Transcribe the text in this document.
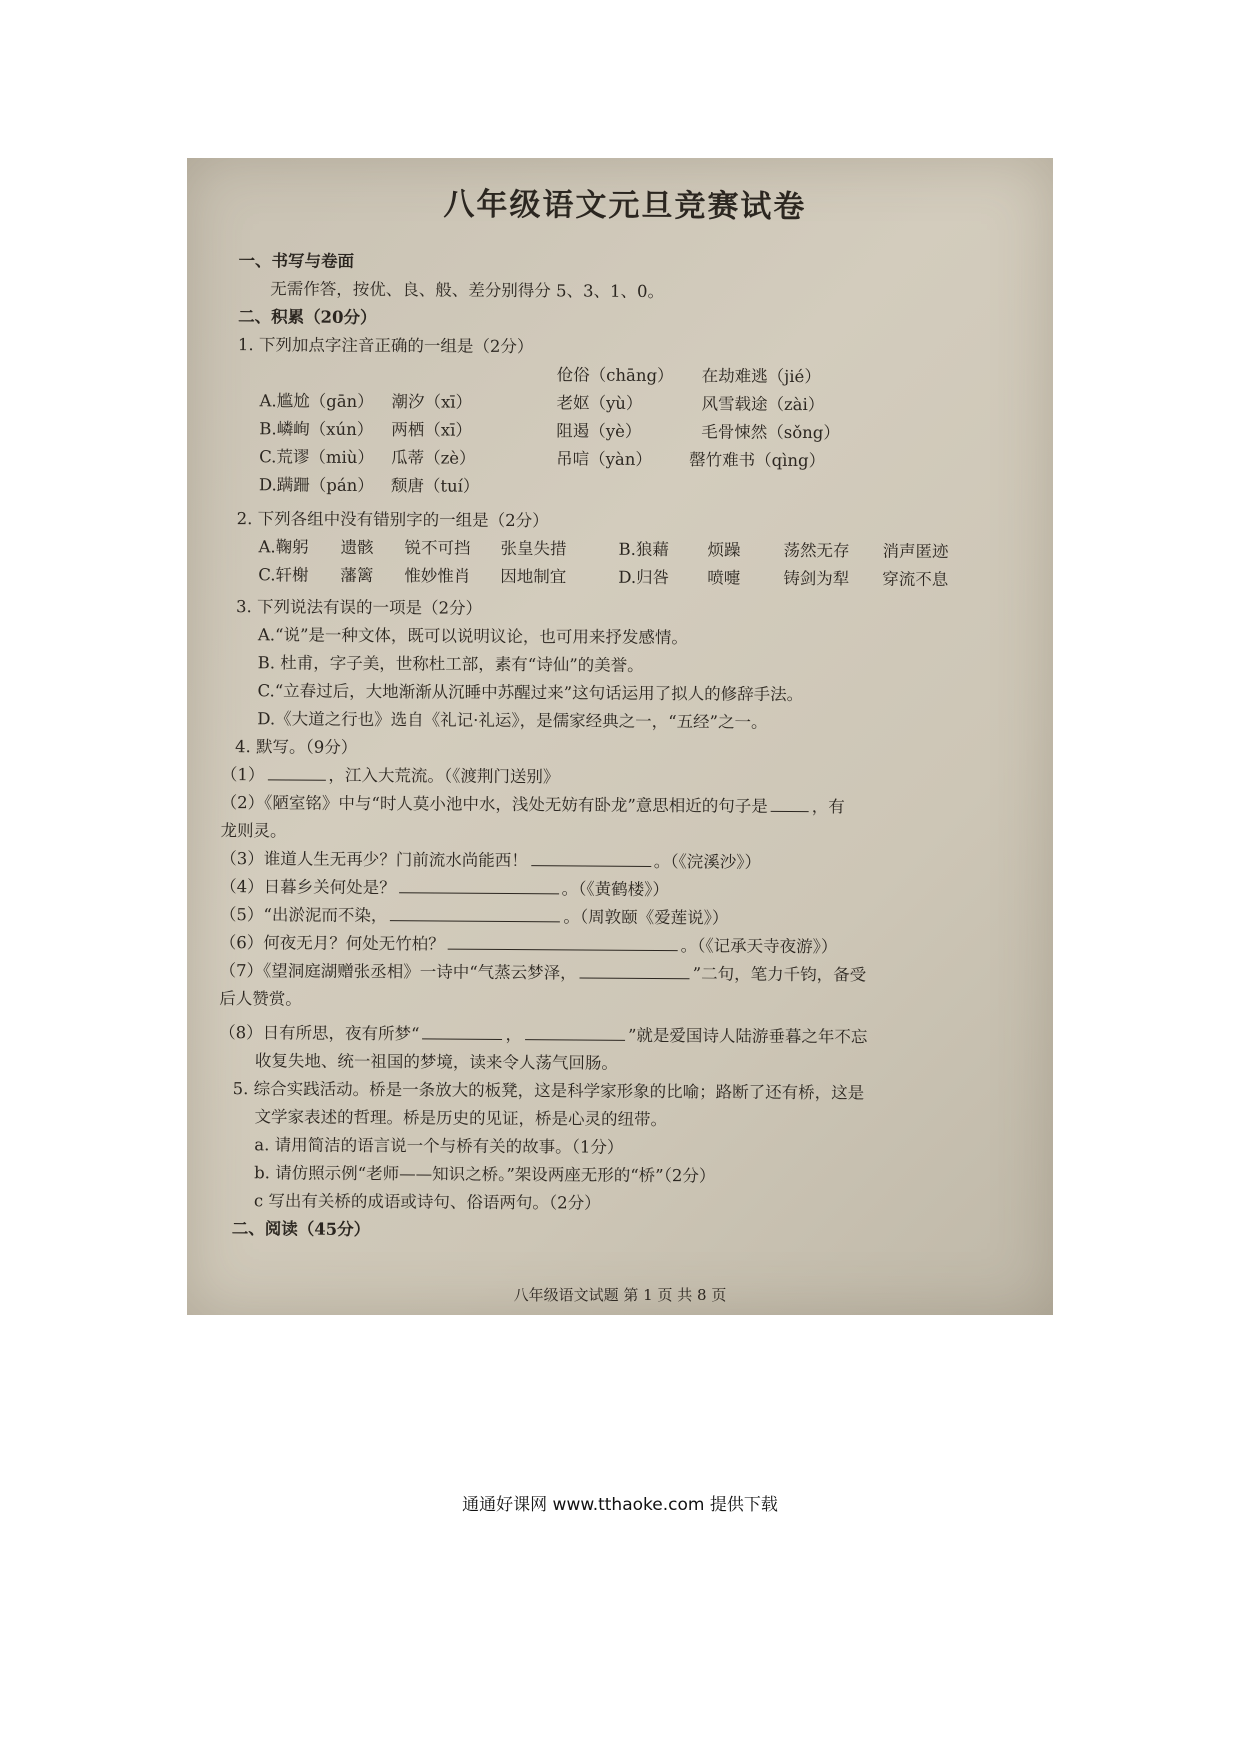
八年级语文元旦竞赛试卷
一、书写与卷面
无需作答，按优、良、般、差分别得分 5、3、1、0。
二、积累（20分）
1. 下列加点字注音正确的一组是（2分）
伧俗（chāng） 在劫难逃（jié）
A.尴尬（gān） 潮汐（xī）	老妪（yù）	风雪载途（zài）
B.嶙峋（xún） 两栖（xī）	阻遏（yè）	毛骨悚然（sǒng）
C.荒谬（miù） 瓜蒂（zè）	吊唁（yàn） 罄竹难书（qìng）
D.蹒跚（pán） 颓唐（tuí）
2. 下列各组中没有错别字的一组是（2分）
A.鞠躬 遗骸 锐不可挡 张皇失措	B.狼藉 烦躁	荡然无存 消声匿迹
C.轩榭 藩篱 惟妙惟肖 因地制宜	D.归咎 喷嚏	铸剑为犁 穿流不息
3. 下列说法有误的一项是（2分）
A.“说”是一种文体，既可以说明议论，也可用来抒发感情。
B. 杜甫，字子美，世称杜工部，素有“诗仙”的美誉。
C.“立春过后，大地渐渐从沉睡中苏醒过来”这句话运用了拟人的修辞手法。
D.《大道之行也》选自《礼记·礼运》，是儒家经典之一，“五经”之一。
4. 默写。（9分）
（1）	，江入大荒流。（《渡荆门送别》
（2）《陋室铭》中与“时人莫小池中水，浅处无妨有卧龙”意思相近的句子是	，有
龙则灵。
（3）谁道人生无再少？门前流水尚能西！	。（《浣溪沙》）
（4）日暮乡关何处是？	。（《黄鹤楼》）
（5）“出淤泥而不染，	。（周敦颐《爱莲说》）
（6）何夜无月？何处无竹柏？	。（《记承天寺夜游》）
（7）《望洞庭湖赠张丞相》一诗中“气蒸云梦泽，	”二句，笔力千钧，备受
后人赞赏。
（8）日有所思，夜有所梦“	，	”就是爱国诗人陆游垂暮之年不忘
收复失地、统一祖国的梦境，读来令人荡气回肠。
5. 综合实践活动。桥是一条放大的板凳，这是科学家形象的比喻；路断了还有桥，这是
文学家表述的哲理。桥是历史的见证，桥是心灵的纽带。
a. 请用简洁的语言说一个与桥有关的故事。（1分）
b. 请仿照示例“老师——知识之桥。”架设两座无形的“桥”（2分）
c 写出有关桥的成语或诗句、俗语两句。（2分）
二、阅读（45分）
八年级语文试题 第 1 页 共 8 页
通通好课网 www.tthaoke.com 提供下载
